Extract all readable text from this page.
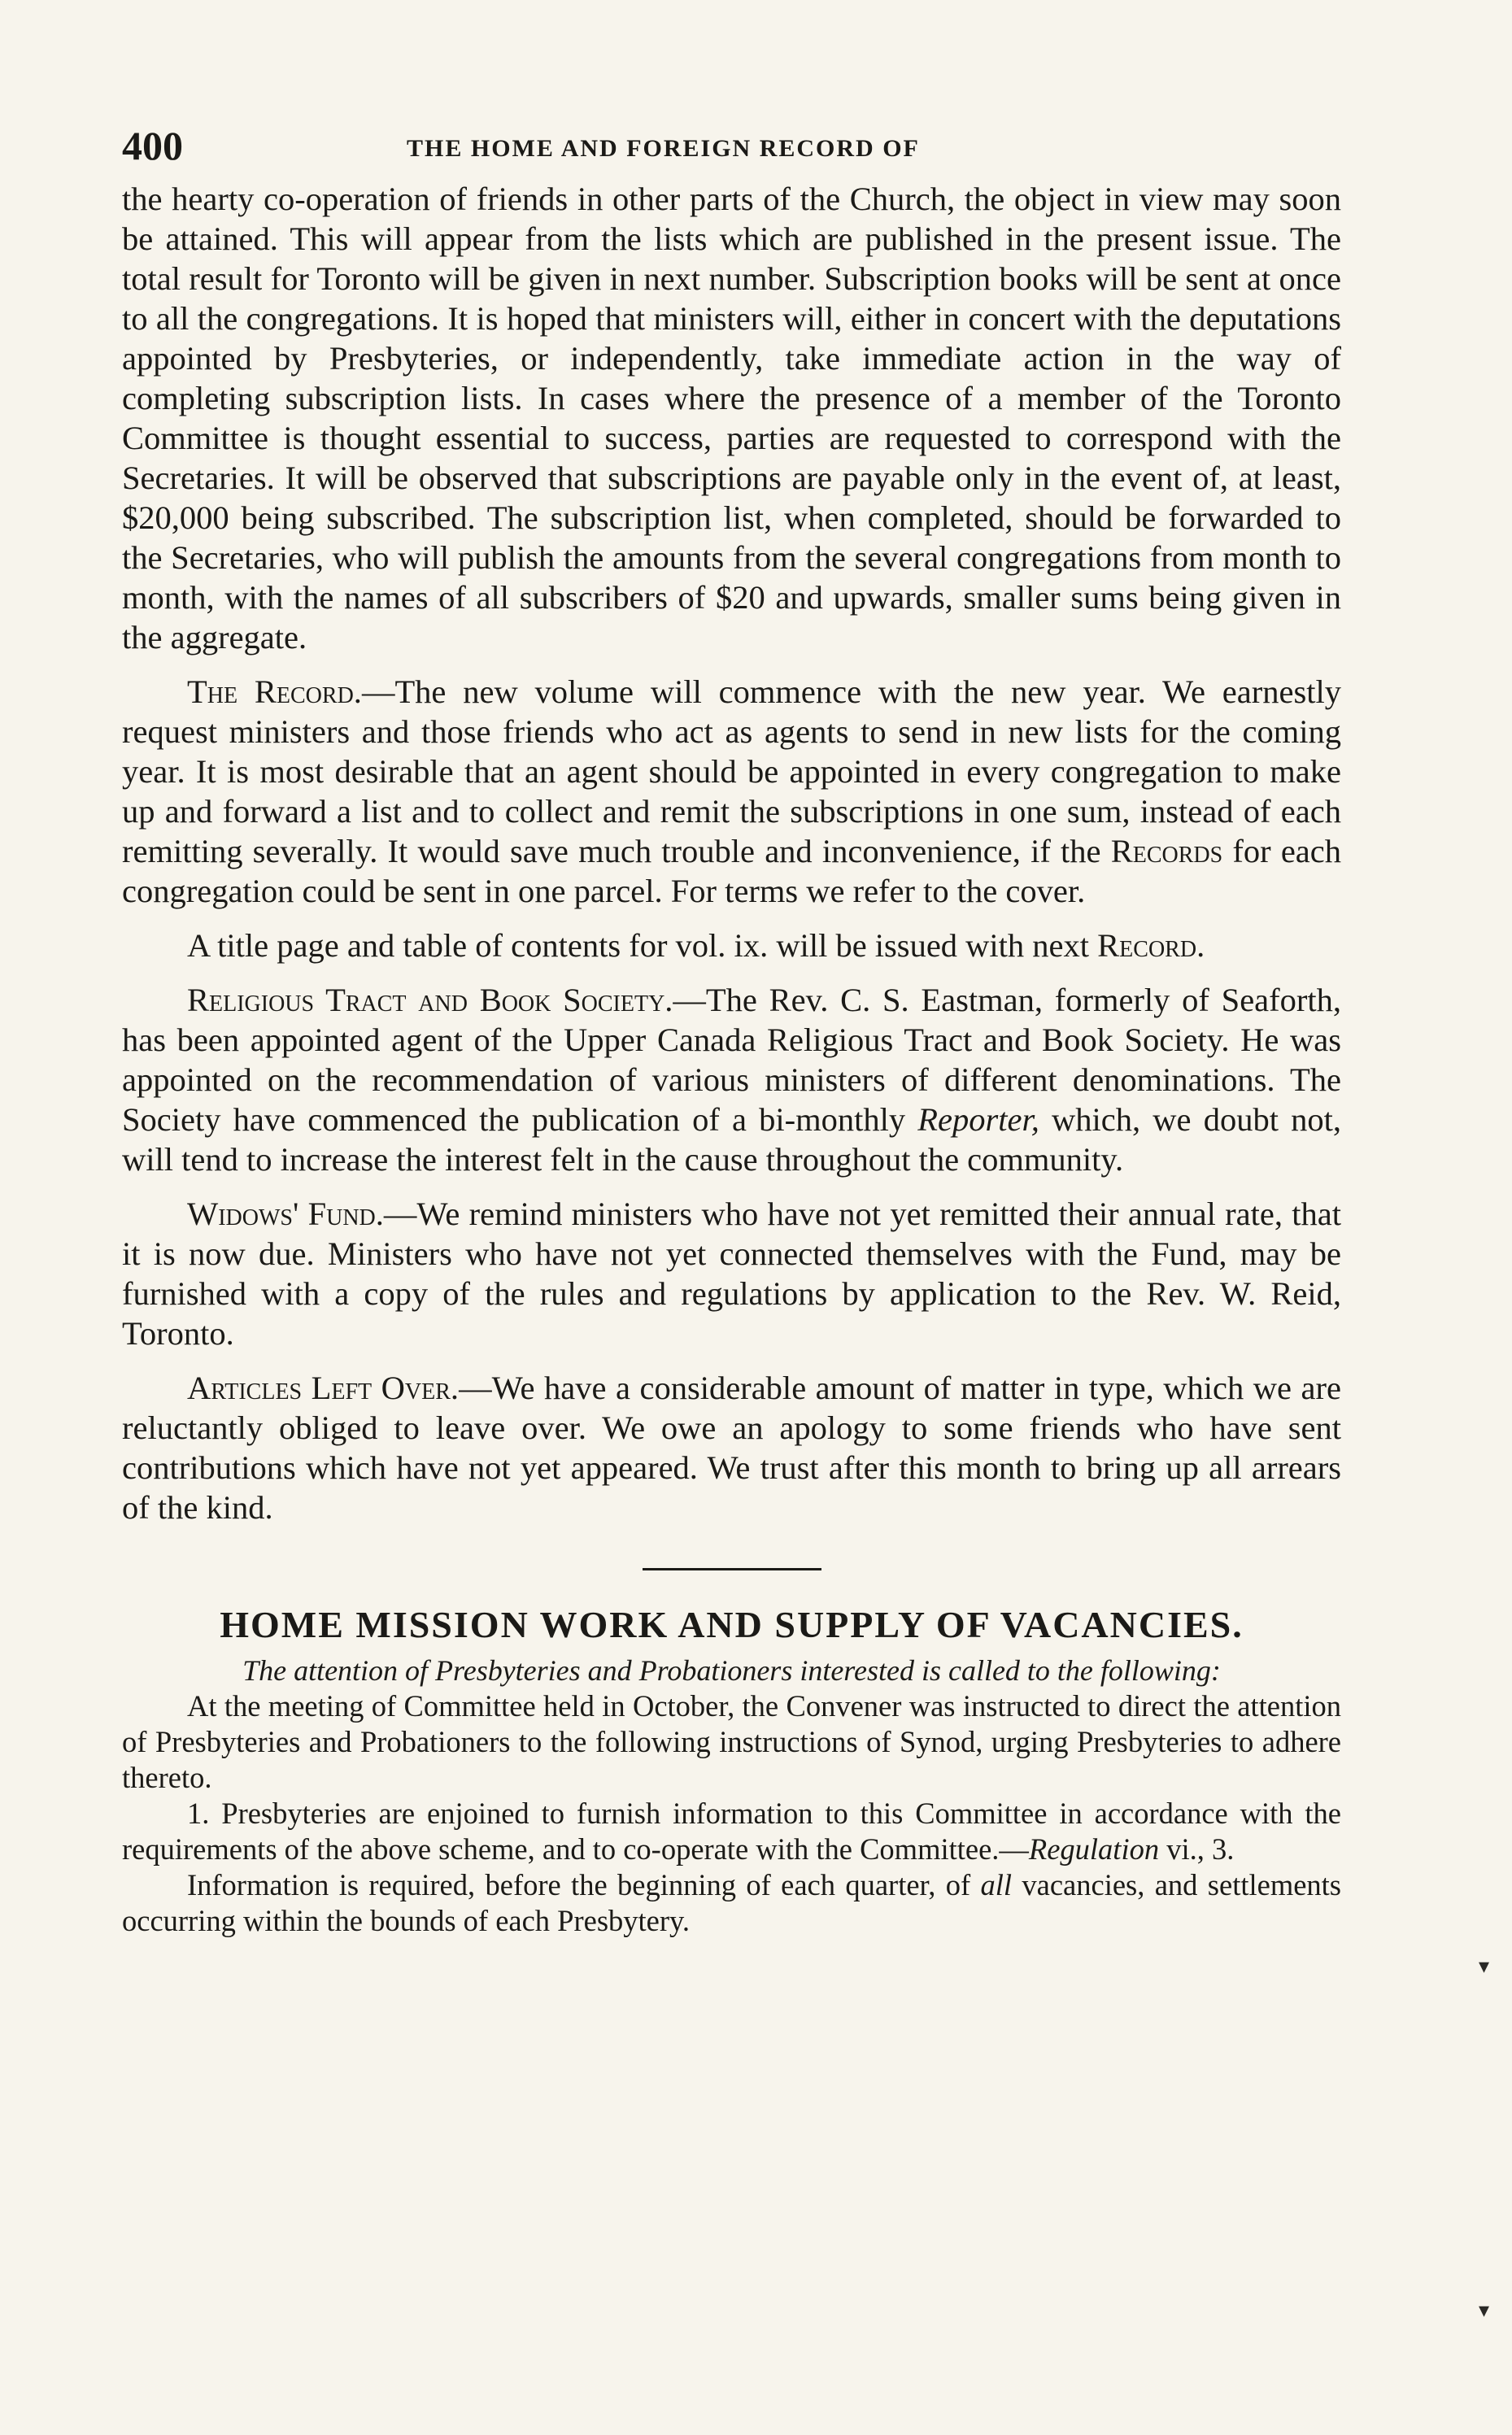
400	THE HOME AND FOREIGN RECORD OF

the hearty co-operation of friends in other parts of the Church, the object in view may soon be attained. This will appear from the lists which are published in the present issue. The total result for Toronto will be given in next number. Subscription books will be sent at once to all the congregations. It is hoped that ministers will, either in concert with the deputations appointed by Presbyteries, or independently, take immediate action in the way of completing subscription lists. In cases where the presence of a member of the Toronto Committee is thought essential to success, parties are requested to correspond with the Secretaries. It will be observed that subscriptions are payable only in the event of, at least, $20,000 being subscribed. The subscription list, when completed, should be forwarded to the Secretaries, who will publish the amounts from the several congregations from month to month, with the names of all subscribers of $20 and upwards, smaller sums being given in the aggregate.

The Record.—The new volume will commence with the new year. We earnestly request ministers and those friends who act as agents to send in new lists for the coming year. It is most desirable that an agent should be appointed in every congregation to make up and forward a list and to collect and remit the subscriptions in one sum, instead of each remitting severally. It would save much trouble and inconvenience, if the Records for each congregation could be sent in one parcel. For terms we refer to the cover.

A title page and table of contents for vol. ix. will be issued with next Record.

Religious Tract and Book Society.—The Rev. C. S. Eastman, formerly of Seaforth, has been appointed agent of the Upper Canada Religious Tract and Book Society. He was appointed on the recommendation of various ministers of different denominations. The Society have commenced the publication of a bi-monthly Reporter, which, we doubt not, will tend to increase the interest felt in the cause throughout the community.

Widows' Fund.—We remind ministers who have not yet remitted their annual rate, that it is now due. Ministers who have not yet connected themselves with the Fund, may be furnished with a copy of the rules and regulations by application to the Rev. W. Reid, Toronto.

Articles Left Over.—We have a considerable amount of matter in type, which we are reluctantly obliged to leave over. We owe an apology to some friends who have sent contributions which have not yet appeared. We trust after this month to bring up all arrears of the kind.

HOME MISSION WORK AND SUPPLY OF VACANCIES.
The attention of Presbyteries and Probationers interested is called to the following:

At the meeting of Committee held in October, the Convener was instructed to direct the attention of Presbyteries and Probationers to the following instructions of Synod, urging Presbyteries to adhere thereto.

1. Presbyteries are enjoined to furnish information to this Committee in accordance with the requirements of the above scheme, and to co-operate with the Committee.—Regulation vi., 3.

Information is required, before the beginning of each quarter, of all vacancies, and settlements occurring within the bounds of each Presbytery.

▾
▾
